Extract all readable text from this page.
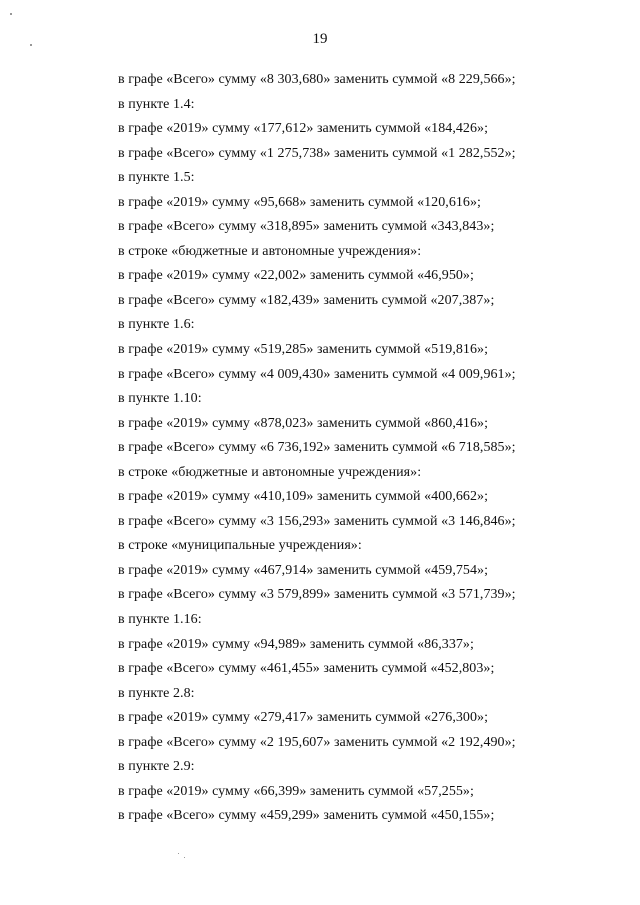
19
в графе «Всего» сумму «8 303,680» заменить суммой «8 229,566»;
в пункте 1.4:
в графе «2019» сумму «177,612» заменить суммой «184,426»;
в графе «Всего» сумму «1 275,738» заменить суммой «1 282,552»;
в пункте 1.5:
в графе «2019» сумму «95,668» заменить суммой «120,616»;
в графе «Всего» сумму «318,895» заменить суммой «343,843»;
в строке «бюджетные и автономные учреждения»:
в графе «2019» сумму «22,002» заменить суммой «46,950»;
в графе «Всего» сумму «182,439» заменить суммой «207,387»;
в пункте 1.6:
в графе «2019» сумму «519,285» заменить суммой «519,816»;
в графе «Всего» сумму «4 009,430» заменить суммой «4 009,961»;
в пункте 1.10:
в графе «2019» сумму «878,023» заменить суммой «860,416»;
в графе «Всего» сумму «6 736,192» заменить суммой «6 718,585»;
в строке «бюджетные и автономные учреждения»:
в графе «2019» сумму «410,109» заменить суммой «400,662»;
в графе «Всего» сумму «3 156,293» заменить суммой «3 146,846»;
в строке «муниципальные учреждения»:
в графе «2019» сумму «467,914» заменить суммой «459,754»;
в графе «Всего» сумму «3 579,899» заменить суммой «3 571,739»;
в пункте 1.16:
в графе «2019» сумму «94,989» заменить суммой «86,337»;
в графе «Всего» сумму «461,455» заменить суммой «452,803»;
в пункте 2.8:
в графе «2019» сумму «279,417» заменить суммой «276,300»;
в графе «Всего» сумму «2 195,607» заменить суммой «2 192,490»;
в пункте 2.9:
в графе «2019» сумму «66,399» заменить суммой «57,255»;
в графе «Всего» сумму «459,299» заменить суммой «450,155»;
